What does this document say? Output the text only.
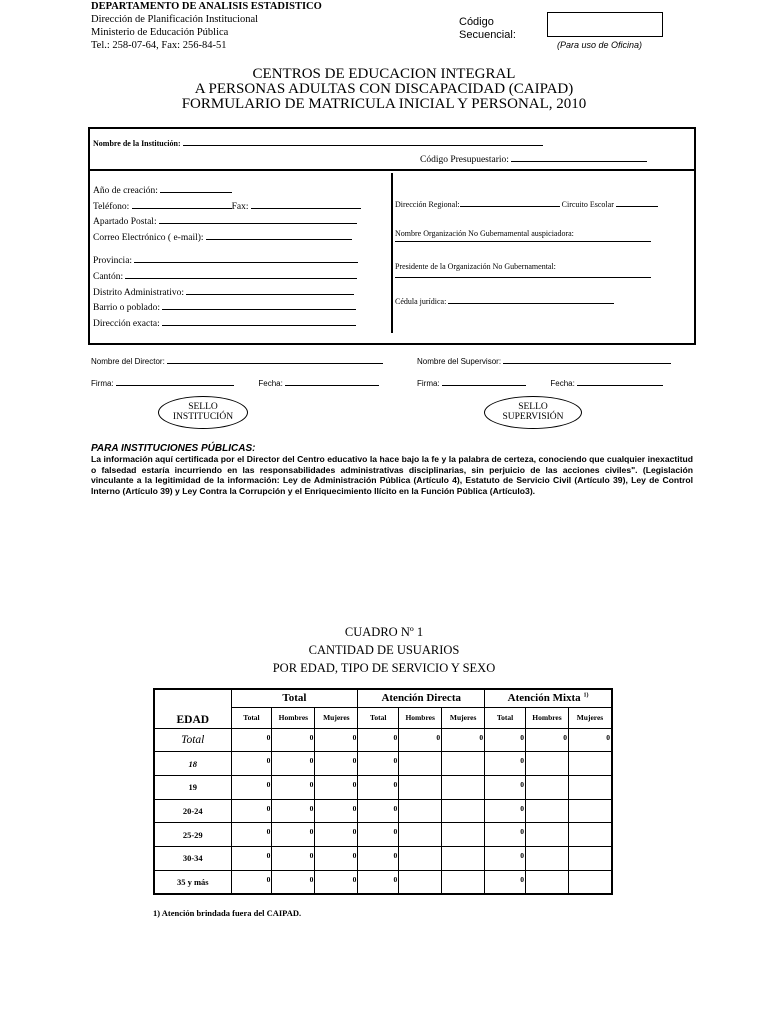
DEPARTAMENTO DE ANALISIS ESTADISTICO
Dirección de Planificación Institucional
Ministerio de Educación Pública
Tel.: 258-07-64, Fax: 256-84-51
Código
Secuencial:
(Para uso de Oficina)
CENTROS DE EDUCACION INTEGRAL
A PERSONAS ADULTAS CON DISCAPACIDAD (CAIPAD)
FORMULARIO DE MATRICULA INICIAL Y PERSONAL, 2010
Nombre de la Institución:
Código Presupuestario:
Año de creación:
Teléfono:	Fax:
Apartado Postal:
Correo Electrónico ( e-mail):
Provincia:
Cantón:
Distrito Administrativo:
Barrio o poblado:
Dirección exacta:
Dirección Regional:	Circuito Escolar
Nombre Organización No Gubernamental auspiciadora:
Presidente de la Organización No Gubernamental:
Cédula jurídica:
Nombre del Director:	Nombre del Supervisor:
Firma:	Fecha:	Firma:	Fecha:
SELLO
INSTITUCIÓN
SELLO
SUPERVISIÓN
PARA INSTITUCIONES PÚBLICAS:
La información aquí certificada por el Director del Centro educativo la hace bajo la fe y la palabra de certeza, conociendo que cualquier inexactitud o falsedad estaría incurriendo en las responsabilidades administrativas disciplinarias, sin perjuicio de las acciones civiles". (Legislación vinculante a la legitimidad de la información: Ley de Administración Pública (Artículo 4), Estatuto de Servicio Civil (Artículo 39), Ley de Control Interno (Artículo 39) y Ley Contra la Corrupción y el Enriquecimiento Ilícito en la Función Pública (Artículo3).
CUADRO Nº 1
CANTIDAD DE USUARIOS
POR EDAD, TIPO DE SERVICIO Y SEXO
EDAD	Total			Atención Directa			Atención Mixta $^{1)}$
	Total	Hombres	Mujeres	Total	Hombres	Mujeres	Total	Hombres	Mujeres
Total	0	0	0	0	0	0	0	0	0
18	0	0	0	0			0		
19	0	0	0	0			0		
20-24	0	0	0	0			0		
25-29	0	0	0	0			0		
30-34	0	0	0	0			0		
35 y más	0	0	0	0			0		
1) Atención brindada fuera del CAIPAD.
